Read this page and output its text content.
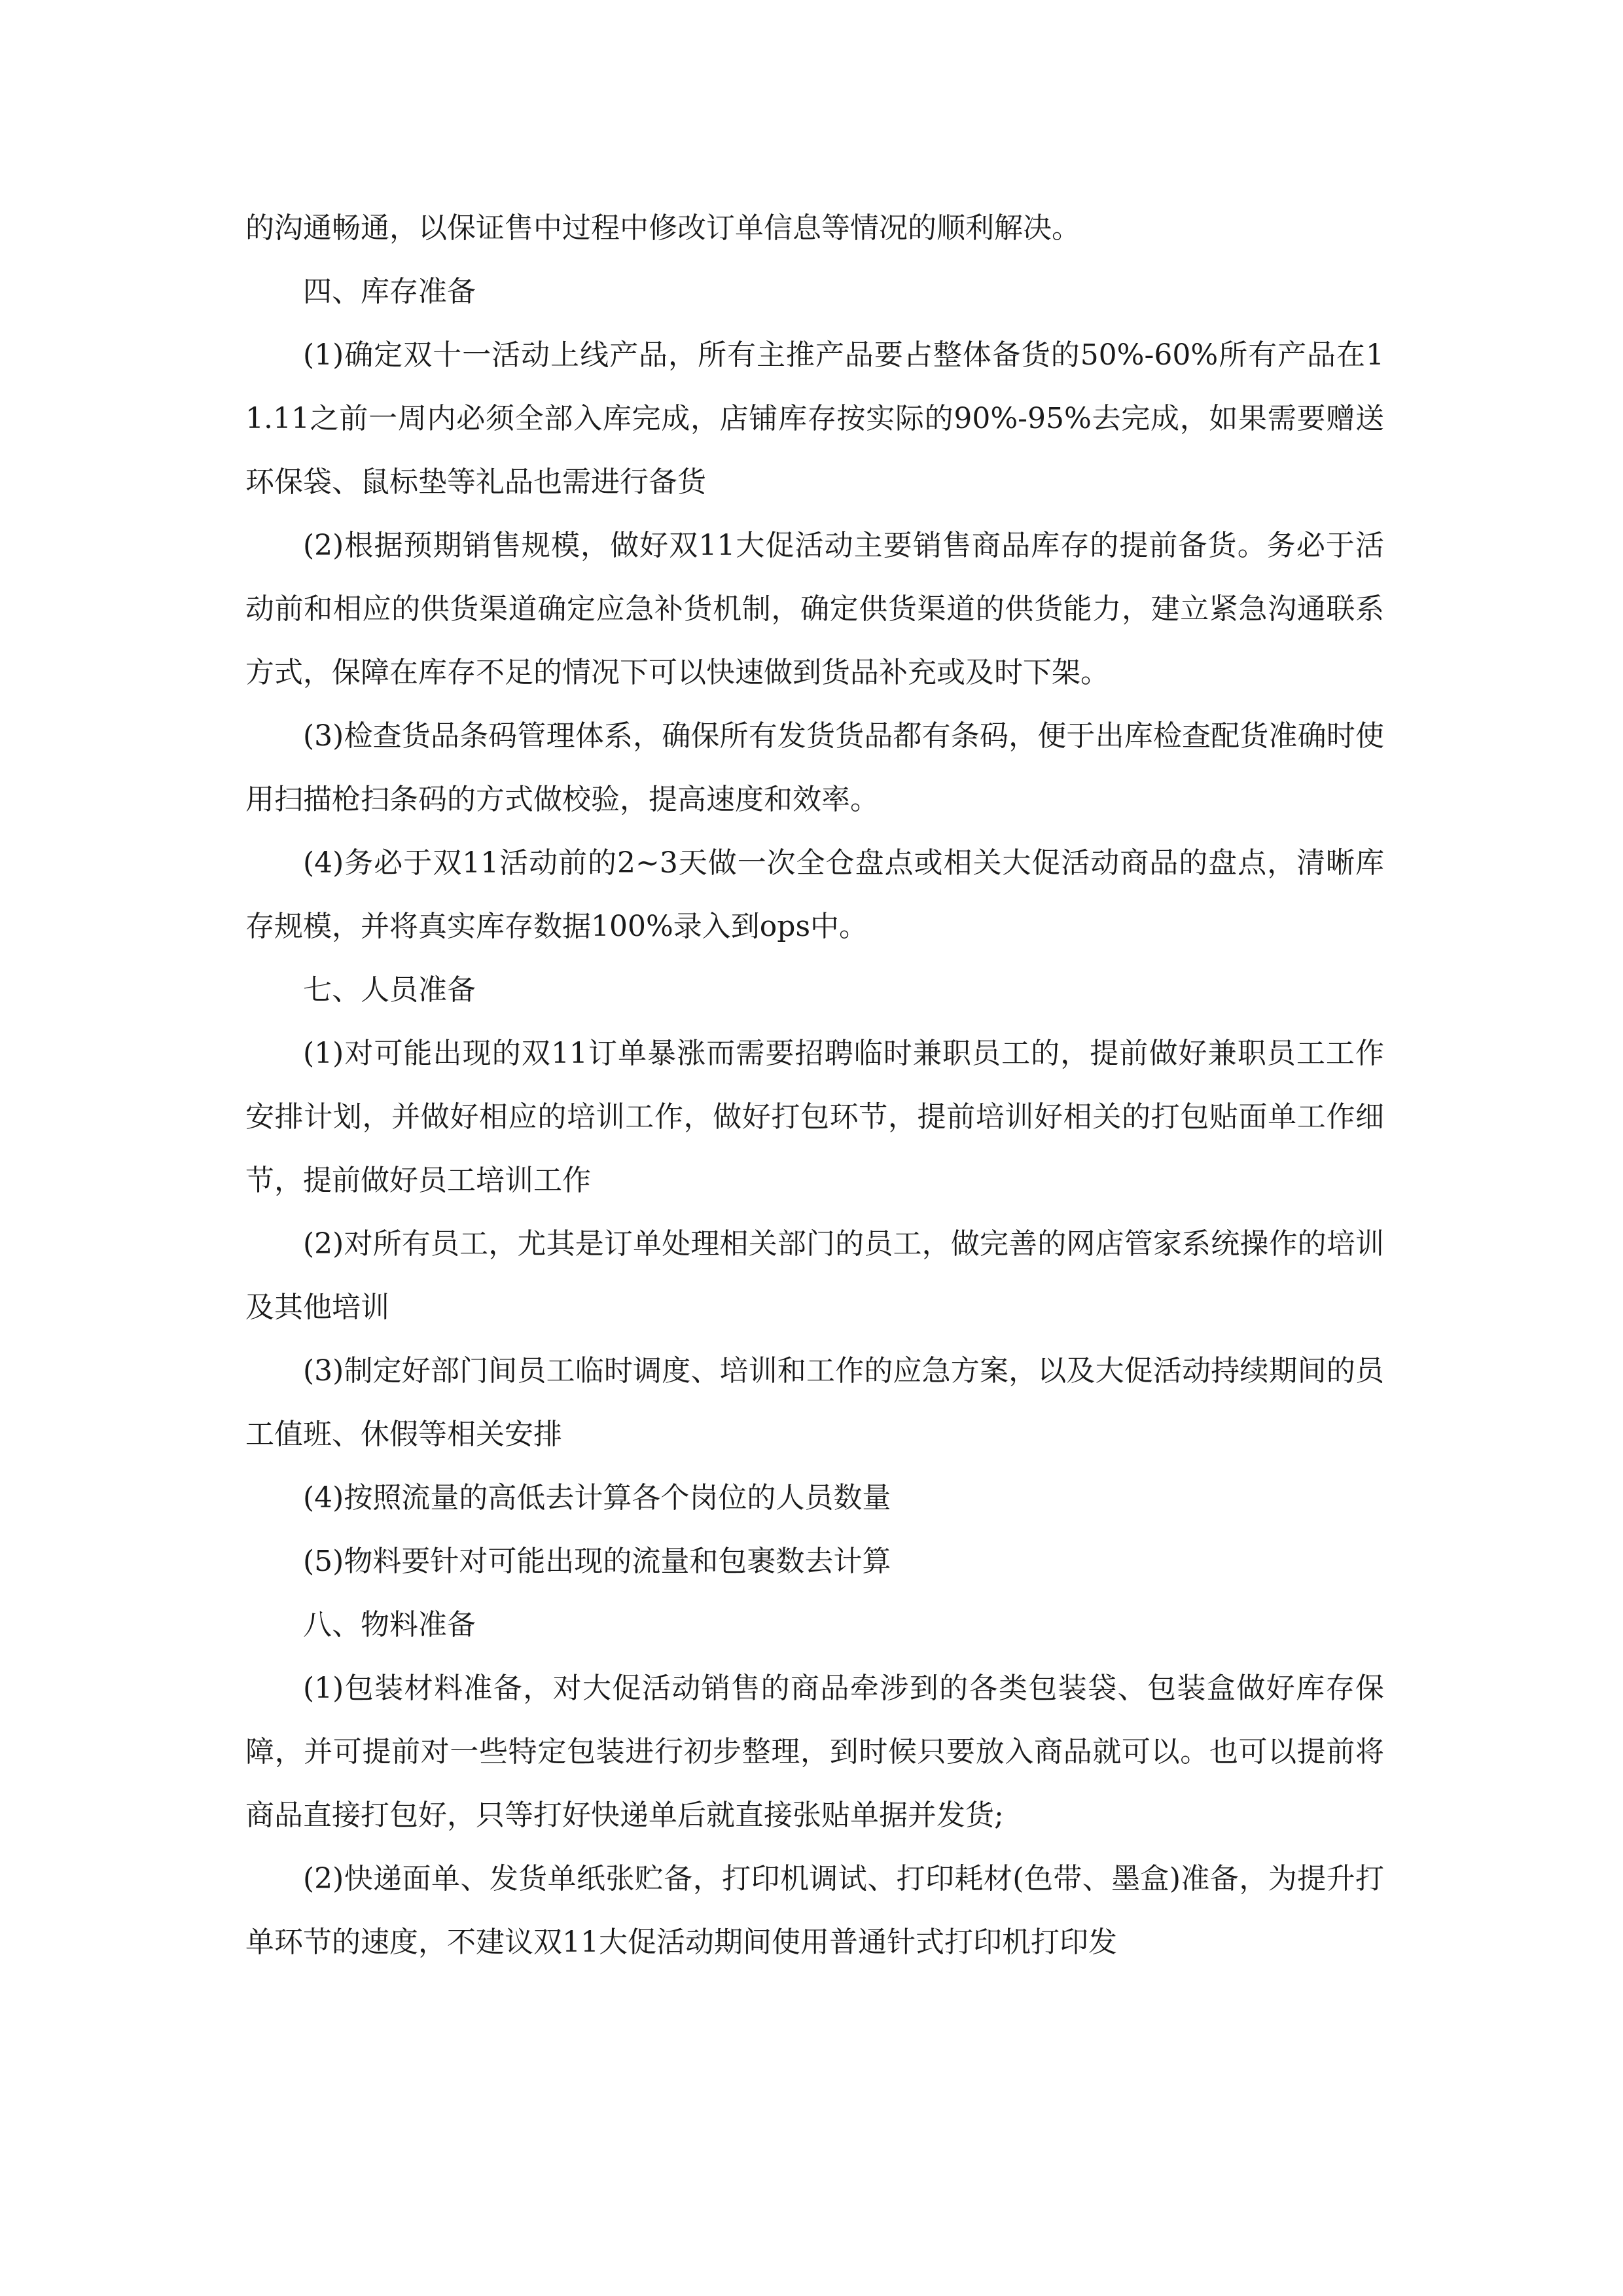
的沟通畅通，以保证售中过程中修改订单信息等情况的顺利解决。

四、库存准备

(1)确定双十一活动上线产品，所有主推产品要占整体备货的50%-60%所有产品在11.11之前一周内必须全部入库完成，店铺库存按实际的90%-95%去完成，如果需要赠送环保袋、鼠标垫等礼品也需进行备货

(2)根据预期销售规模，做好双11大促活动主要销售商品库存的提前备货。务必于活动前和相应的供货渠道确定应急补货机制，确定供货渠道的供货能力，建立紧急沟通联系方式，保障在库存不足的情况下可以快速做到货品补充或及时下架。

(3)检查货品条码管理体系，确保所有发货货品都有条码，便于出库检查配货准确时使用扫描枪扫条码的方式做校验，提高速度和效率。

(4)务必于双11活动前的2~3天做一次全仓盘点或相关大促活动商品的盘点，清晰库存规模，并将真实库存数据100%录入到ops中。

七、人员准备

(1)对可能出现的双11订单暴涨而需要招聘临时兼职员工的，提前做好兼职员工工作安排计划，并做好相应的培训工作，做好打包环节，提前培训好相关的打包贴面单工作细节，提前做好员工培训工作

(2)对所有员工，尤其是订单处理相关部门的员工，做完善的网店管家系统操作的培训及其他培训

(3)制定好部门间员工临时调度、培训和工作的应急方案，以及大促活动持续期间的员工值班、休假等相关安排

(4)按照流量的高低去计算各个岗位的人员数量

(5)物料要针对可能出现的流量和包裹数去计算

八、物料准备

(1)包装材料准备，对大促活动销售的商品牵涉到的各类包装袋、包装盒做好库存保障，并可提前对一些特定包装进行初步整理，到时候只要放入商品就可以。也可以提前将商品直接打包好，只等打好快递单后就直接张贴单据并发货;

(2)快递面单、发货单纸张贮备，打印机调试、打印耗材(色带、墨盒)准备，为提升打单环节的速度，不建议双11大促活动期间使用普通针式打印机打印发
